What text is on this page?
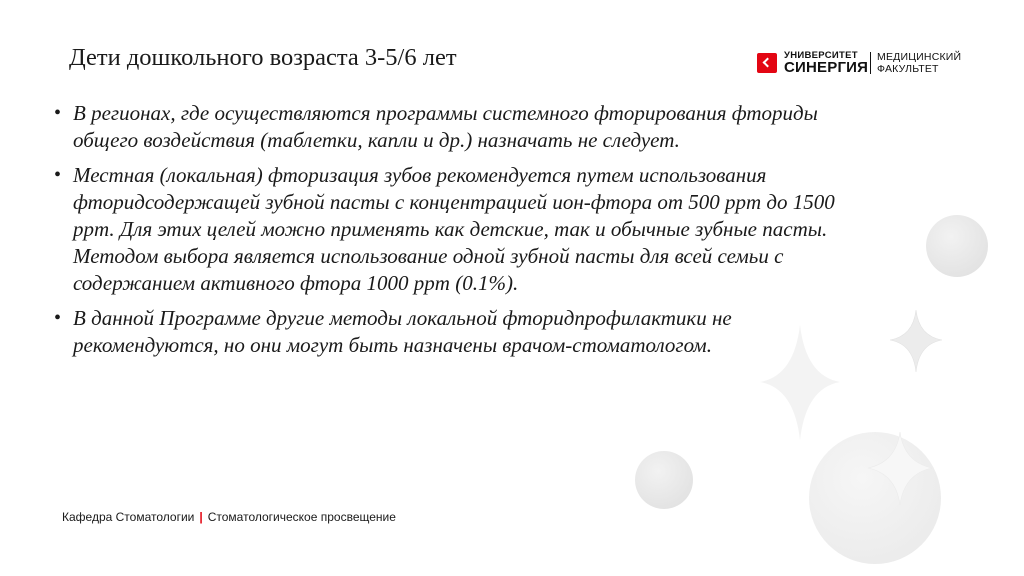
Дети дошкольного возраста 3-5/6 лет	УНИВЕРСИТЕТ
СИНЕРГИЯ
МЕДИЦИНСКИЙ
ФАКУЛЬТЕТ
• В регионах, где осуществляются программы системного фторирования фториды общего воздействия (таблетки, капли и др.) назначать не следует.
• Местная (локальная) фторизация зубов рекомендуется путем использования фторидсодержащей зубной пасты с концентрацией ион-фтора от 500 ppт до 1500 ppт. Для этих целей можно применять как детские, так и обычные зубные пасты. Методом выбора является использование одной зубной пасты для всей семьи с содержанием активного фтора 1000 ppт (0.1%).
• В данной Программе другие методы локальной фторидпрофилактики не рекомендуются, но они могут быть назначены врачом-стоматологом.
Кафедра Стоматологии | Стоматологическое просвещение
